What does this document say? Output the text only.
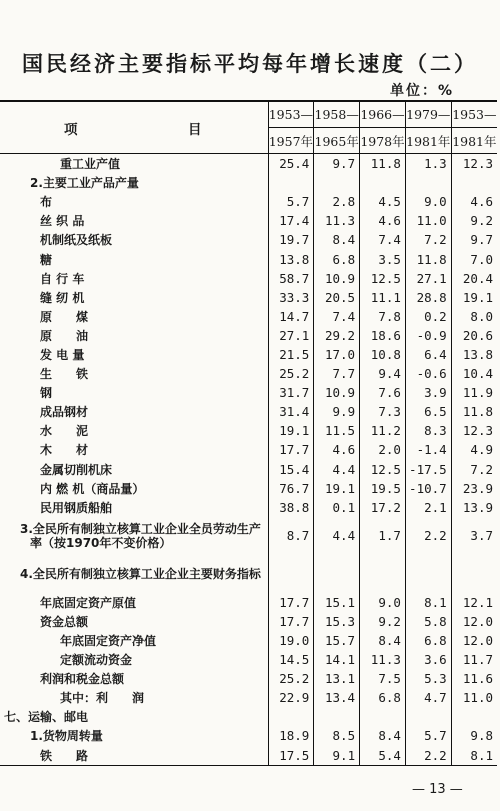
国民经济主要指标平均每年增长速度（二）
单位：%
项　　　　　　　目	1953—	1958—	1966—	1979—	1953—
	1957年	1965年	1978年	1981年	1981年
重工业产值	25.4	9.7	11.8	1.3	12.3
2.主要工业产品产量					
布	5.7	2.8	4.5	9.0	4.6
丝 织 品	17.4	11.3	4.6	11.0	9.2
机制纸及纸板	19.7	8.4	7.4	7.2	9.7
糖	13.8	6.8	3.5	11.8	7.0
自 行 车	58.7	10.9	12.5	27.1	20.4
缝 纫 机	33.3	20.5	11.1	28.8	19.1
原　　煤	14.7	7.4	7.8	0.2	8.0
原　　油	27.1	29.2	18.6	-0.9	20.6
发 电 量	21.5	17.0	10.8	6.4	13.8
生　　铁	25.2	7.7	9.4	-0.6	10.4
钢	31.7	10.9	7.6	3.9	11.9
成品钢材	31.4	9.9	7.3	6.5	11.8
水　　泥	19.1	11.5	11.2	8.3	12.3
木　　材	17.7	4.6	2.0	-1.4	4.9
金属切削机床	15.4	4.4	12.5	-17.5	7.2
内 燃 机（商品量）	76.7	19.1	19.5	-10.7	23.9
民用钢质船舶	38.8	0.1	17.2	2.1	13.9
3.全民所有制独立核算工业企业全员劳动生产率（按1970年不变价格）	8.7	4.4	1.7	2.2	3.7
4.全民所有制独立核算工业企业主要财务指标					
年底固定资产原值	17.7	15.1	9.0	8.1	12.1
资金总额	17.7	15.3	9.2	5.8	12.0
年底固定资产净值	19.0	15.7	8.4	6.8	12.0
定额流动资金	14.5	14.1	11.3	3.6	11.7
利润和税金总额	25.2	13.1	7.5	5.3	11.6
其中：利　　润	22.9	13.4	6.8	4.7	11.0
七、运输、邮电					
1.货物周转量	18.9	8.5	8.4	5.7	9.8
铁　　路	17.5	9.1	5.4	2.2	8.1
— 13 —
